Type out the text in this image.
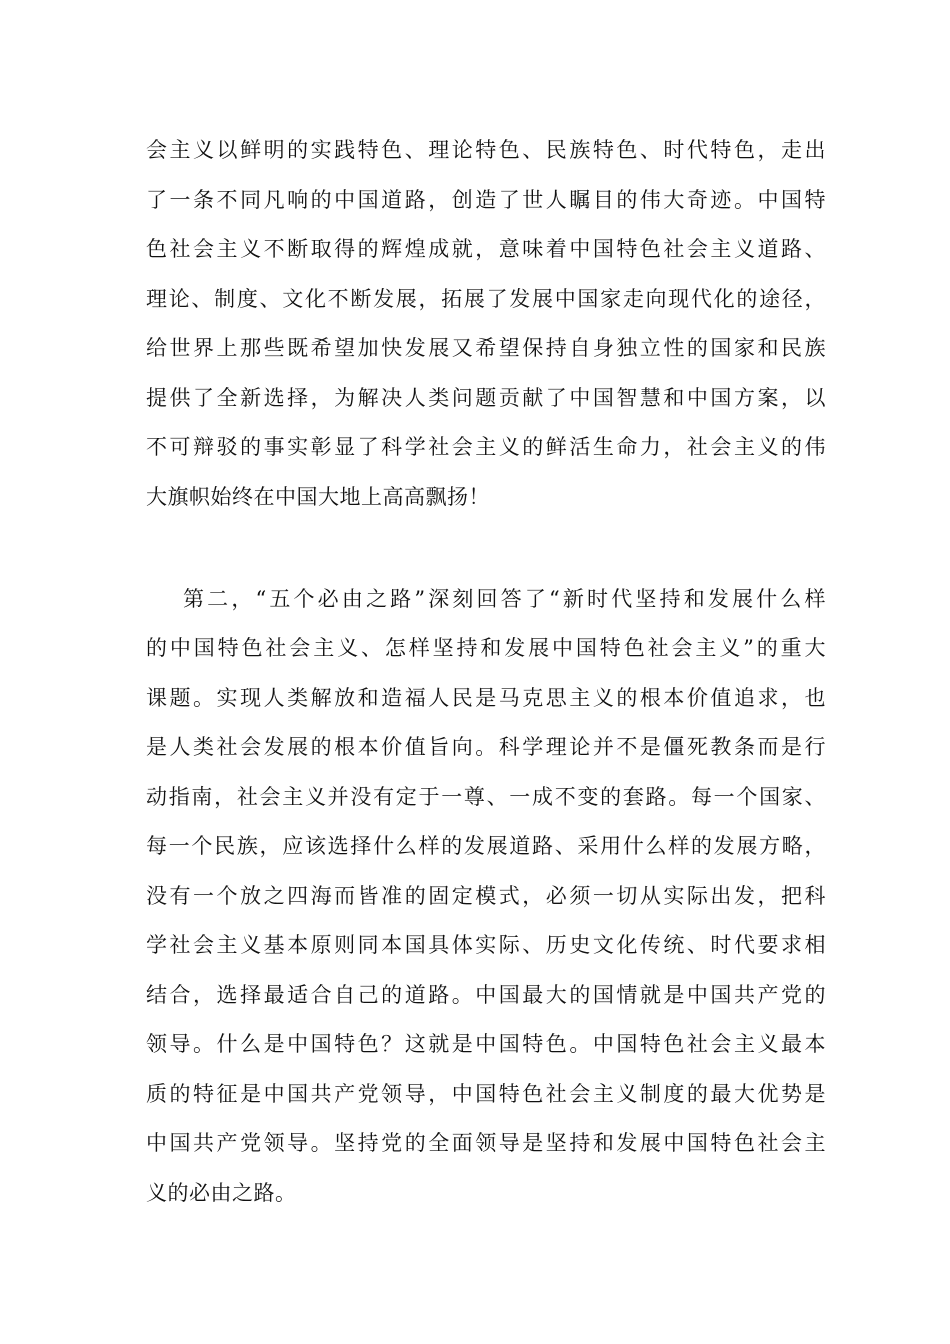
会主义以鲜明的实践特色、理论特色、民族特色、时代特色，走出
了一条不同凡响的中国道路，创造了世人瞩目的伟大奇迹。中国特
色社会主义不断取得的辉煌成就，意味着中国特色社会主义道路、
理论、制度、文化不断发展，拓展了发展中国家走向现代化的途径，
给世界上那些既希望加快发展又希望保持自身独立性的国家和民族
提供了全新选择，为解决人类问题贡献了中国智慧和中国方案，以
不可辩驳的事实彰显了科学社会主义的鲜活生命力，社会主义的伟
大旗帜始终在中国大地上高高飘扬！
第二，“五个必由之路”深刻回答了“新时代坚持和发展什么样
的中国特色社会主义、怎样坚持和发展中国特色社会主义”的重大
课题。实现人类解放和造福人民是马克思主义的根本价值追求，也
是人类社会发展的根本价值旨向。科学理论并不是僵死教条而是行
动指南，社会主义并没有定于一尊、一成不变的套路。每一个国家、
每一个民族，应该选择什么样的发展道路、采用什么样的发展方略，
没有一个放之四海而皆准的固定模式，必须一切从实际出发，把科
学社会主义基本原则同本国具体实际、历史文化传统、时代要求相
结合，选择最适合自己的道路。中国最大的国情就是中国共产党的
领导。什么是中国特色？这就是中国特色。中国特色社会主义最本
质的特征是中国共产党领导，中国特色社会主义制度的最大优势是
中国共产党领导。坚持党的全面领导是坚持和发展中国特色社会主
义的必由之路。
